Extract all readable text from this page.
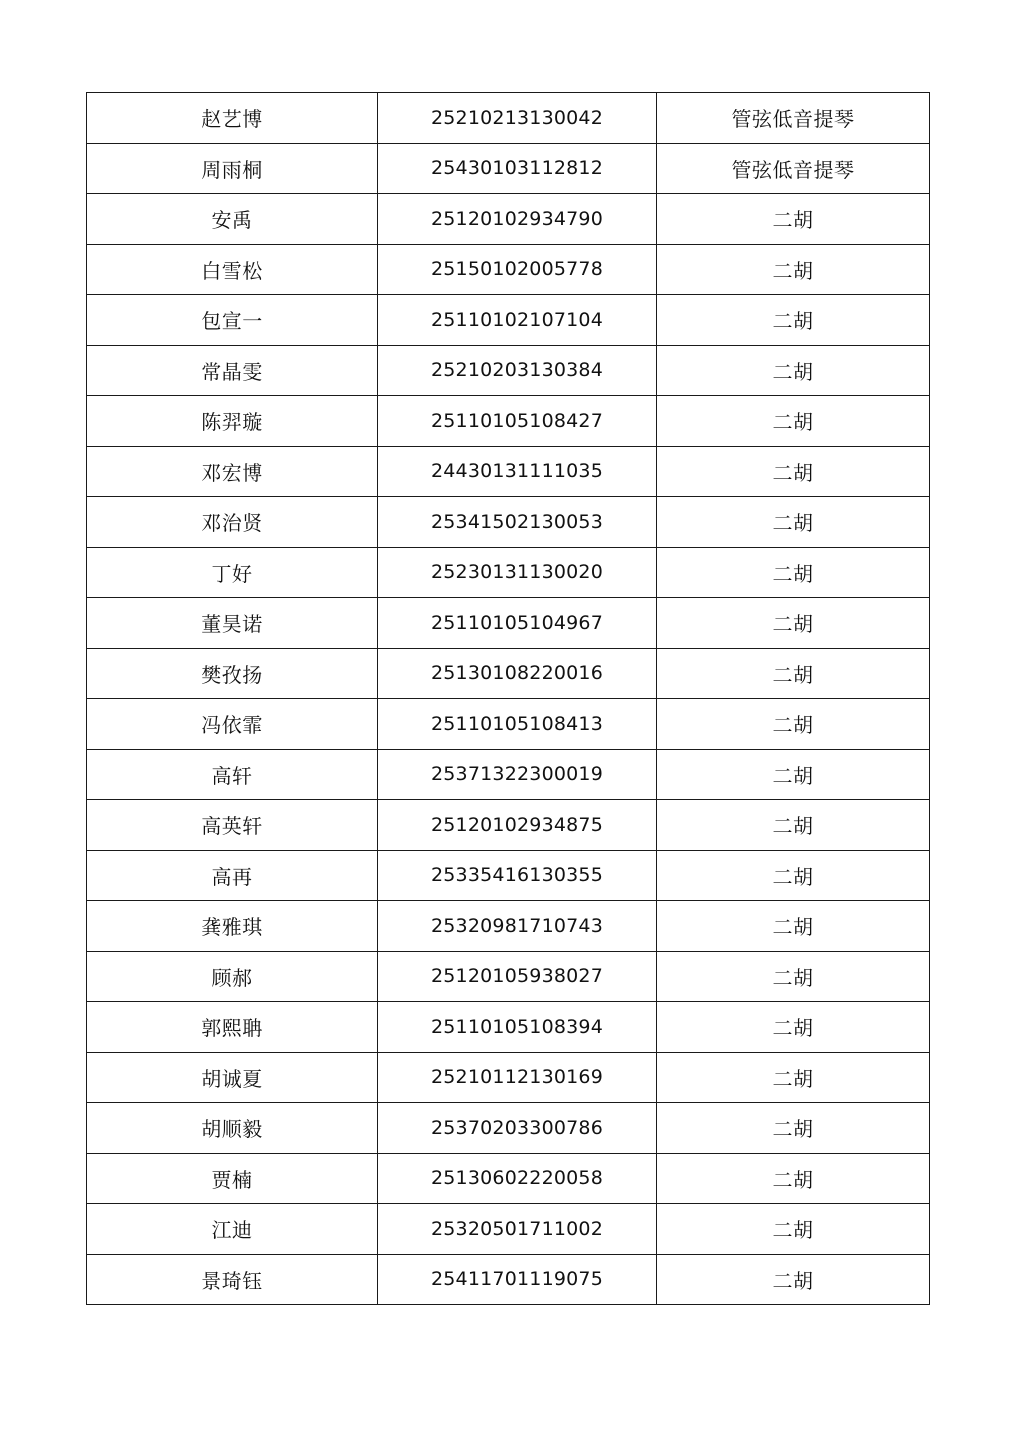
赵艺博	25210213130042	管弦低音提琴
周雨桐	25430103112812	管弦低音提琴
安禹	25120102934790	二胡
白雪松	25150102005778	二胡
包宣一	25110102107104	二胡
常晶雯	25210203130384	二胡
陈羿璇	25110105108427	二胡
邓宏博	24430131111035	二胡
邓治贤	25341502130053	二胡
丁好	25230131130020	二胡
董昊诺	25110105104967	二胡
樊孜扬	25130108220016	二胡
冯依霏	25110105108413	二胡
高轩	25371322300019	二胡
高英轩	25120102934875	二胡
高再	25335416130355	二胡
龚雅琪	25320981710743	二胡
顾郝	25120105938027	二胡
郭熙聃	25110105108394	二胡
胡诚夏	25210112130169	二胡
胡顺毅	25370203300786	二胡
贾楠	25130602220058	二胡
江迪	25320501711002	二胡
景琦钰	25411701119075	二胡
